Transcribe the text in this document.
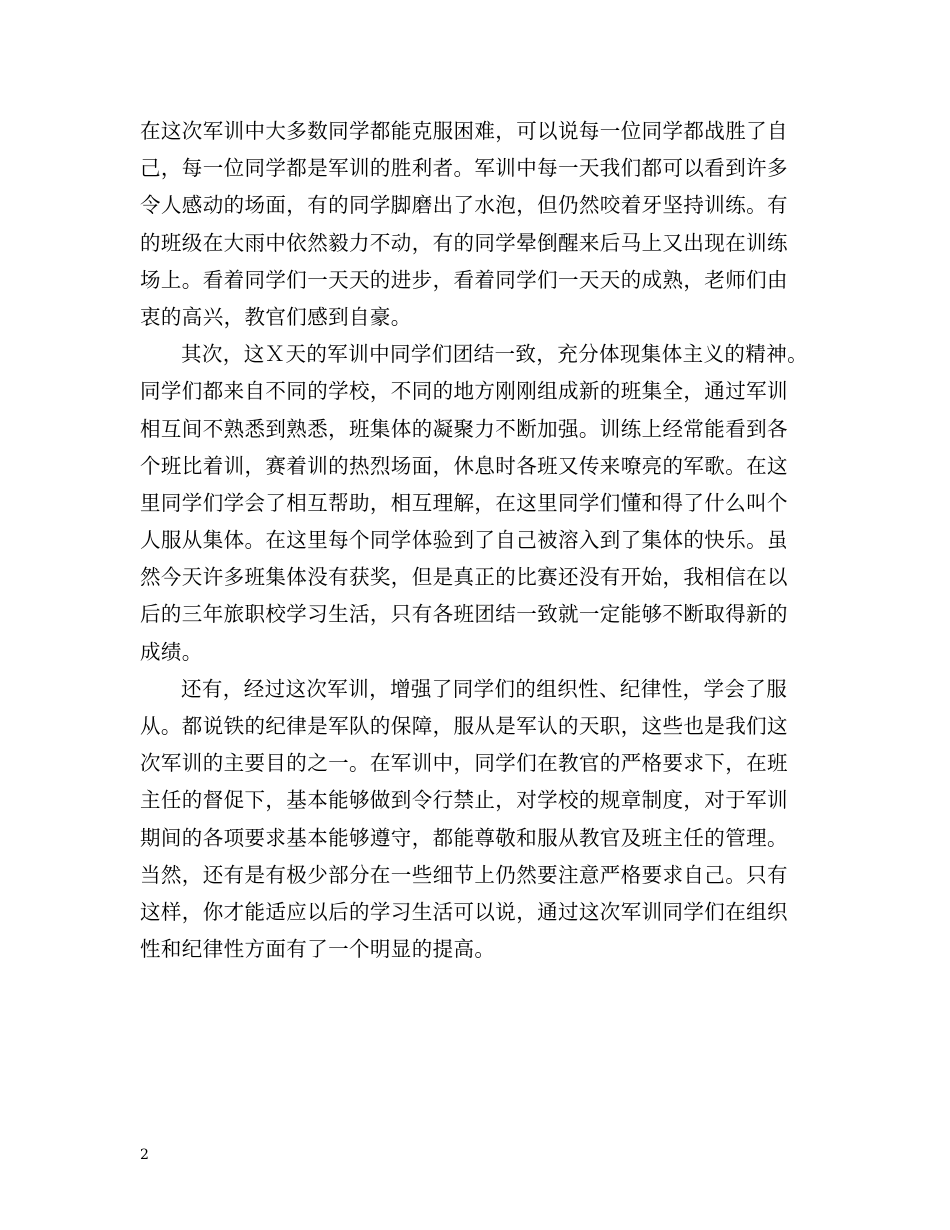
在这次军训中大多数同学都能克服困难，可以说每一位同学都战胜了自
己，每一位同学都是军训的胜利者。军训中每一天我们都可以看到许多
令人感动的场面，有的同学脚磨出了水泡，但仍然咬着牙坚持训练。有
的班级在大雨中依然毅力不动，有的同学晕倒醒来后马上又出现在训练
场上。看着同学们一天天的进步，看着同学们一天天的成熟，老师们由
衷的高兴，教官们感到自豪。
其次，这Ｘ天的军训中同学们团结一致，充分体现集体主义的精神。
同学们都来自不同的学校，不同的地方刚刚组成新的班集全，通过军训
相互间不熟悉到熟悉，班集体的凝聚力不断加强。训练上经常能看到各
个班比着训，赛着训的热烈场面，休息时各班又传来嘹亮的军歌。在这
里同学们学会了相互帮助，相互理解，在这里同学们懂和得了什么叫个
人服从集体。在这里每个同学体验到了自己被溶入到了集体的快乐。虽
然今天许多班集体没有获奖，但是真正的比赛还没有开始，我相信在以
后的三年旅职校学习生活，只有各班团结一致就一定能够不断取得新的
成绩。
还有，经过这次军训，增强了同学们的组织性、纪律性，学会了服
从。都说铁的纪律是军队的保障，服从是军认的天职，这些也是我们这
次军训的主要目的之一。在军训中，同学们在教官的严格要求下，在班
主任的督促下，基本能够做到令行禁止，对学校的规章制度，对于军训
期间的各项要求基本能够遵守，都能尊敬和服从教官及班主任的管理。
当然，还有是有极少部分在一些细节上仍然要注意严格要求自己。只有
这样，你才能适应以后的学习生活可以说，通过这次军训同学们在组织
性和纪律性方面有了一个明显的提高。
2
